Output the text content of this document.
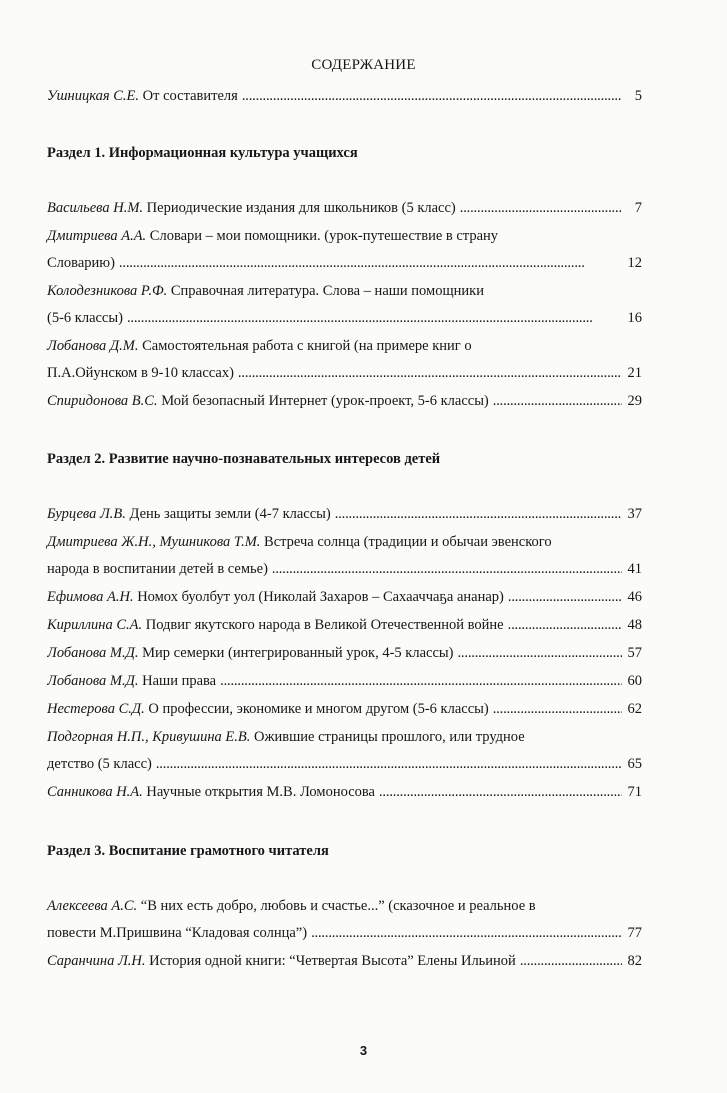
СОДЕРЖАНИЕ
Ушницкая С.Е. От составителя . . .	5
Раздел 1. Информационная культура учащихся
Васильева Н.М. Периодические издания для школьников (5 класс) . . .	7
Дмитриева А.А. Словари – мои помощники. (урок-путешествие в страну
Словарию) . . .	12
Колодезникова Р.Ф. Справочная литература. Слова – наши помощники
(5-6 классы) . . .	16
Лобанова Д.М. Самостоятельная работа с книгой (на примере книг о
П.А.Ойунском в 9-10 классах) . . .	21
Спиридонова В.С. Мой безопасный Интернет (урок-проект, 5-6 классы) . . .	29
Раздел 2. Развитие научно-познавательных интересов детей
Бурцева Л.В. День защиты земли (4-7 классы) . . .	37
Дмитриева Ж.Н., Мушникова Т.М. Встреча солнца (традиции и обычаи эвенского
народа в воспитании детей в семье) . . .	41
Ефимова А.Н. Номох буолбут уол (Николай Захаров – Сахааччаҕа ананар) . . .	46
Кириллина С.А. Подвиг якутского народа в Великой Отечественной войне . . .	48
Лобанова М.Д. Мир семерки (интегрированный урок, 4-5 классы) . . .	57
Лобанова М.Д. Наши права . . .	60
Нестерова С.Д. О профессии, экономике и многом другом (5-6 классы) . . .	62
Подгорная Н.П., Кривушина Е.В. Ожившие страницы прошлого, или трудное
детство (5 класс) . . .	65
Санникова Н.А. Научные открытия М.В. Ломоносова . . .	71
Раздел 3. Воспитание грамотного читателя
Алексеева А.С. “В них есть добро, любовь и счастье...” (сказочное и реальное в
повести М.Пришвина “Кладовая солнца”) . . .	77
Саранчина Л.Н. История одной книги: “Четвертая Высота” Елены Ильиной . . .	82
3
